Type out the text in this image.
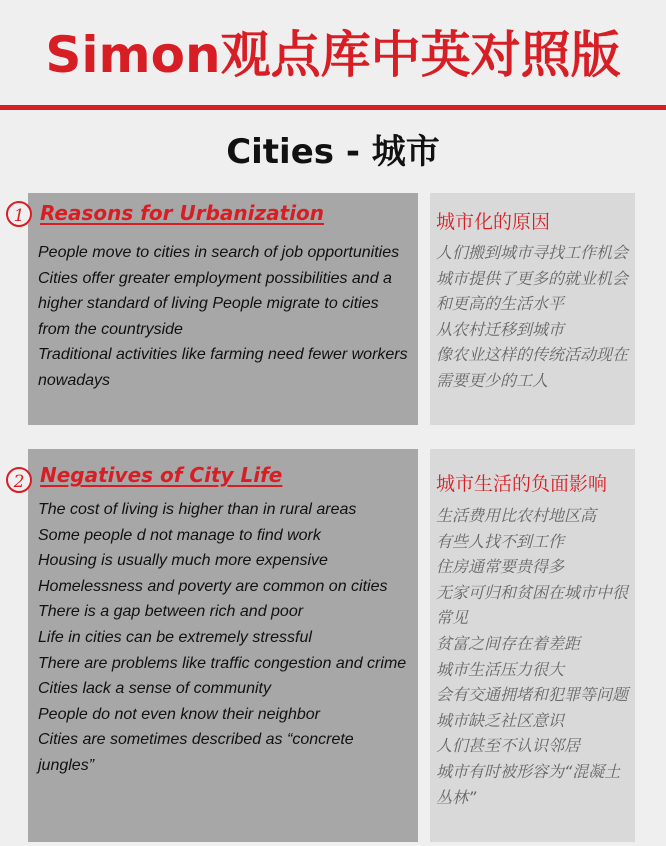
Simon观点库中英对照版
Cities - 城市
1 Reasons for Urbanization
People move to cities in search of job opportunities
Cities offer greater employment possibilities and a higher standard of living People migrate to cities from the countryside
Traditional activities like farming need fewer workers nowadays
城市化的原因
人们搬到城市寻找工作机会
城市提供了更多的就业机会和更高的生活水平
从农村迁移到城市
像农业这样的传统活动现在需要更少的工人
2 Negatives of City Life
The cost of living is higher than in rural areas
Some people d not manage to find work
Housing is usually much more expensive
Homelessness and poverty are common on cities
There is a gap between rich and poor
Life in cities can be extremely stressful
There are problems like traffic congestion and crime
Cities lack a sense of community
People do not even know their neighbor
Cities are sometimes described as “concrete jungles”
城市生活的负面影响
生活费用比农村地区高
有些人找不到工作
住房通常要贵得多
无家可归和贫困在城市中很常见
贫富之间存在着差距
城市生活压力很大
会有交通拥堵和犯罪等问题
城市缺乏社区意识
人们甚至不认识邻居
城市有时被形容为“混凝土丛林”
